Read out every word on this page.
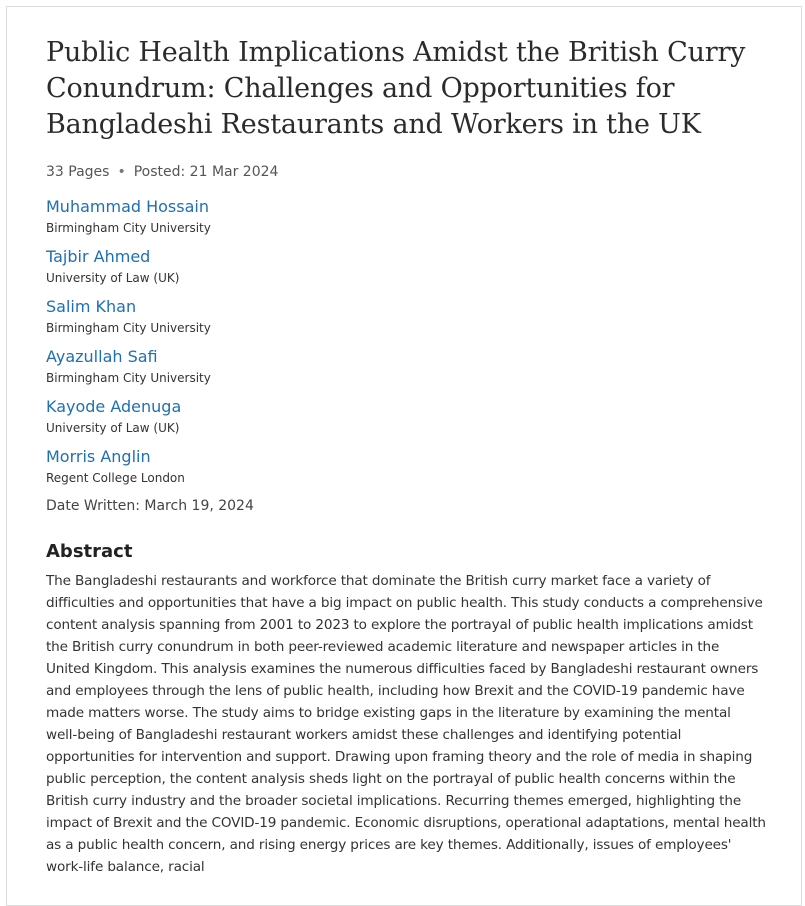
Public Health Implications Amidst the British Curry Conundrum: Challenges and Opportunities for Bangladeshi Restaurants and Workers in the UK
33 Pages • Posted: 21 Mar 2024
Muhammad Hossain
Birmingham City University
Tajbir Ahmed
University of Law (UK)
Salim Khan
Birmingham City University
Ayazullah Safi
Birmingham City University
Kayode Adenuga
University of Law (UK)
Morris Anglin
Regent College London
Date Written: March 19, 2024
Abstract
The Bangladeshi restaurants and workforce that dominate the British curry market face a variety of difficulties and opportunities that have a big impact on public health. This study conducts a comprehensive content analysis spanning from 2001 to 2023 to explore the portrayal of public health implications amidst the British curry conundrum in both peer-reviewed academic literature and newspaper articles in the United Kingdom. This analysis examines the numerous difficulties faced by Bangladeshi restaurant owners and employees through the lens of public health, including how Brexit and the COVID-19 pandemic have made matters worse. The study aims to bridge existing gaps in the literature by examining the mental well-being of Bangladeshi restaurant workers amidst these challenges and identifying potential opportunities for intervention and support. Drawing upon framing theory and the role of media in shaping public perception, the content analysis sheds light on the portrayal of public health concerns within the British curry industry and the broader societal implications. Recurring themes emerged, highlighting the impact of Brexit and the COVID-19 pandemic. Economic disruptions, operational adaptations, mental health as a public health concern, and rising energy prices are key themes. Additionally, issues of employees' work-life balance, racial
